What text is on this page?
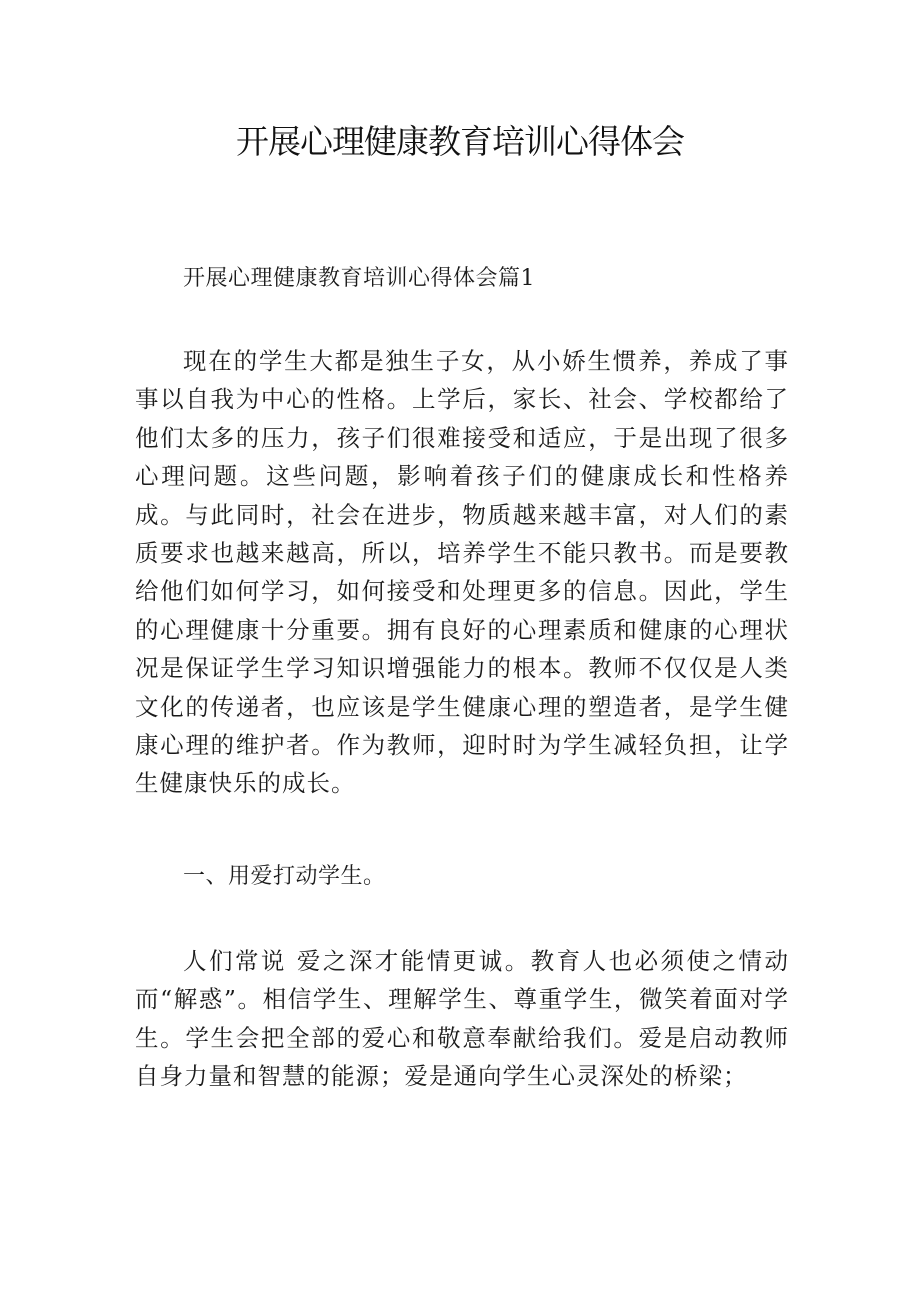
开展心理健康教育培训心得体会
开展心理健康教育培训心得体会篇1

现在的学生大都是独生子女，从小娇生惯养，养成了事事以自我为中心的性格。上学后，家长、社会、学校都给了他们太多的压力，孩子们很难接受和适应，于是出现了很多心理问题。这些问题，影响着孩子们的健康成长和性格养成。与此同时，社会在进步，物质越来越丰富，对人们的素质要求也越来越高，所以，培养学生不能只教书。而是要教给他们如何学习，如何接受和处理更多的信息。因此，学生的心理健康十分重要。拥有良好的心理素质和健康的心理状况是保证学生学习知识增强能力的根本。教师不仅仅是人类文化的传递者，也应该是学生健康心理的塑造者，是学生健康心理的维护者。作为教师，迎时时为学生减轻负担，让学生健康快乐的成长。

一、用爱打动学生。

人们常说 爱之深才能情更诚。教育人也必须使之情动而“解惑”。相信学生、理解学生、尊重学生，微笑着面对学生。学生会把全部的爱心和敬意奉献给我们。爱是启动教师自身力量和智慧的能源；爱是通向学生心灵深处的桥梁；
